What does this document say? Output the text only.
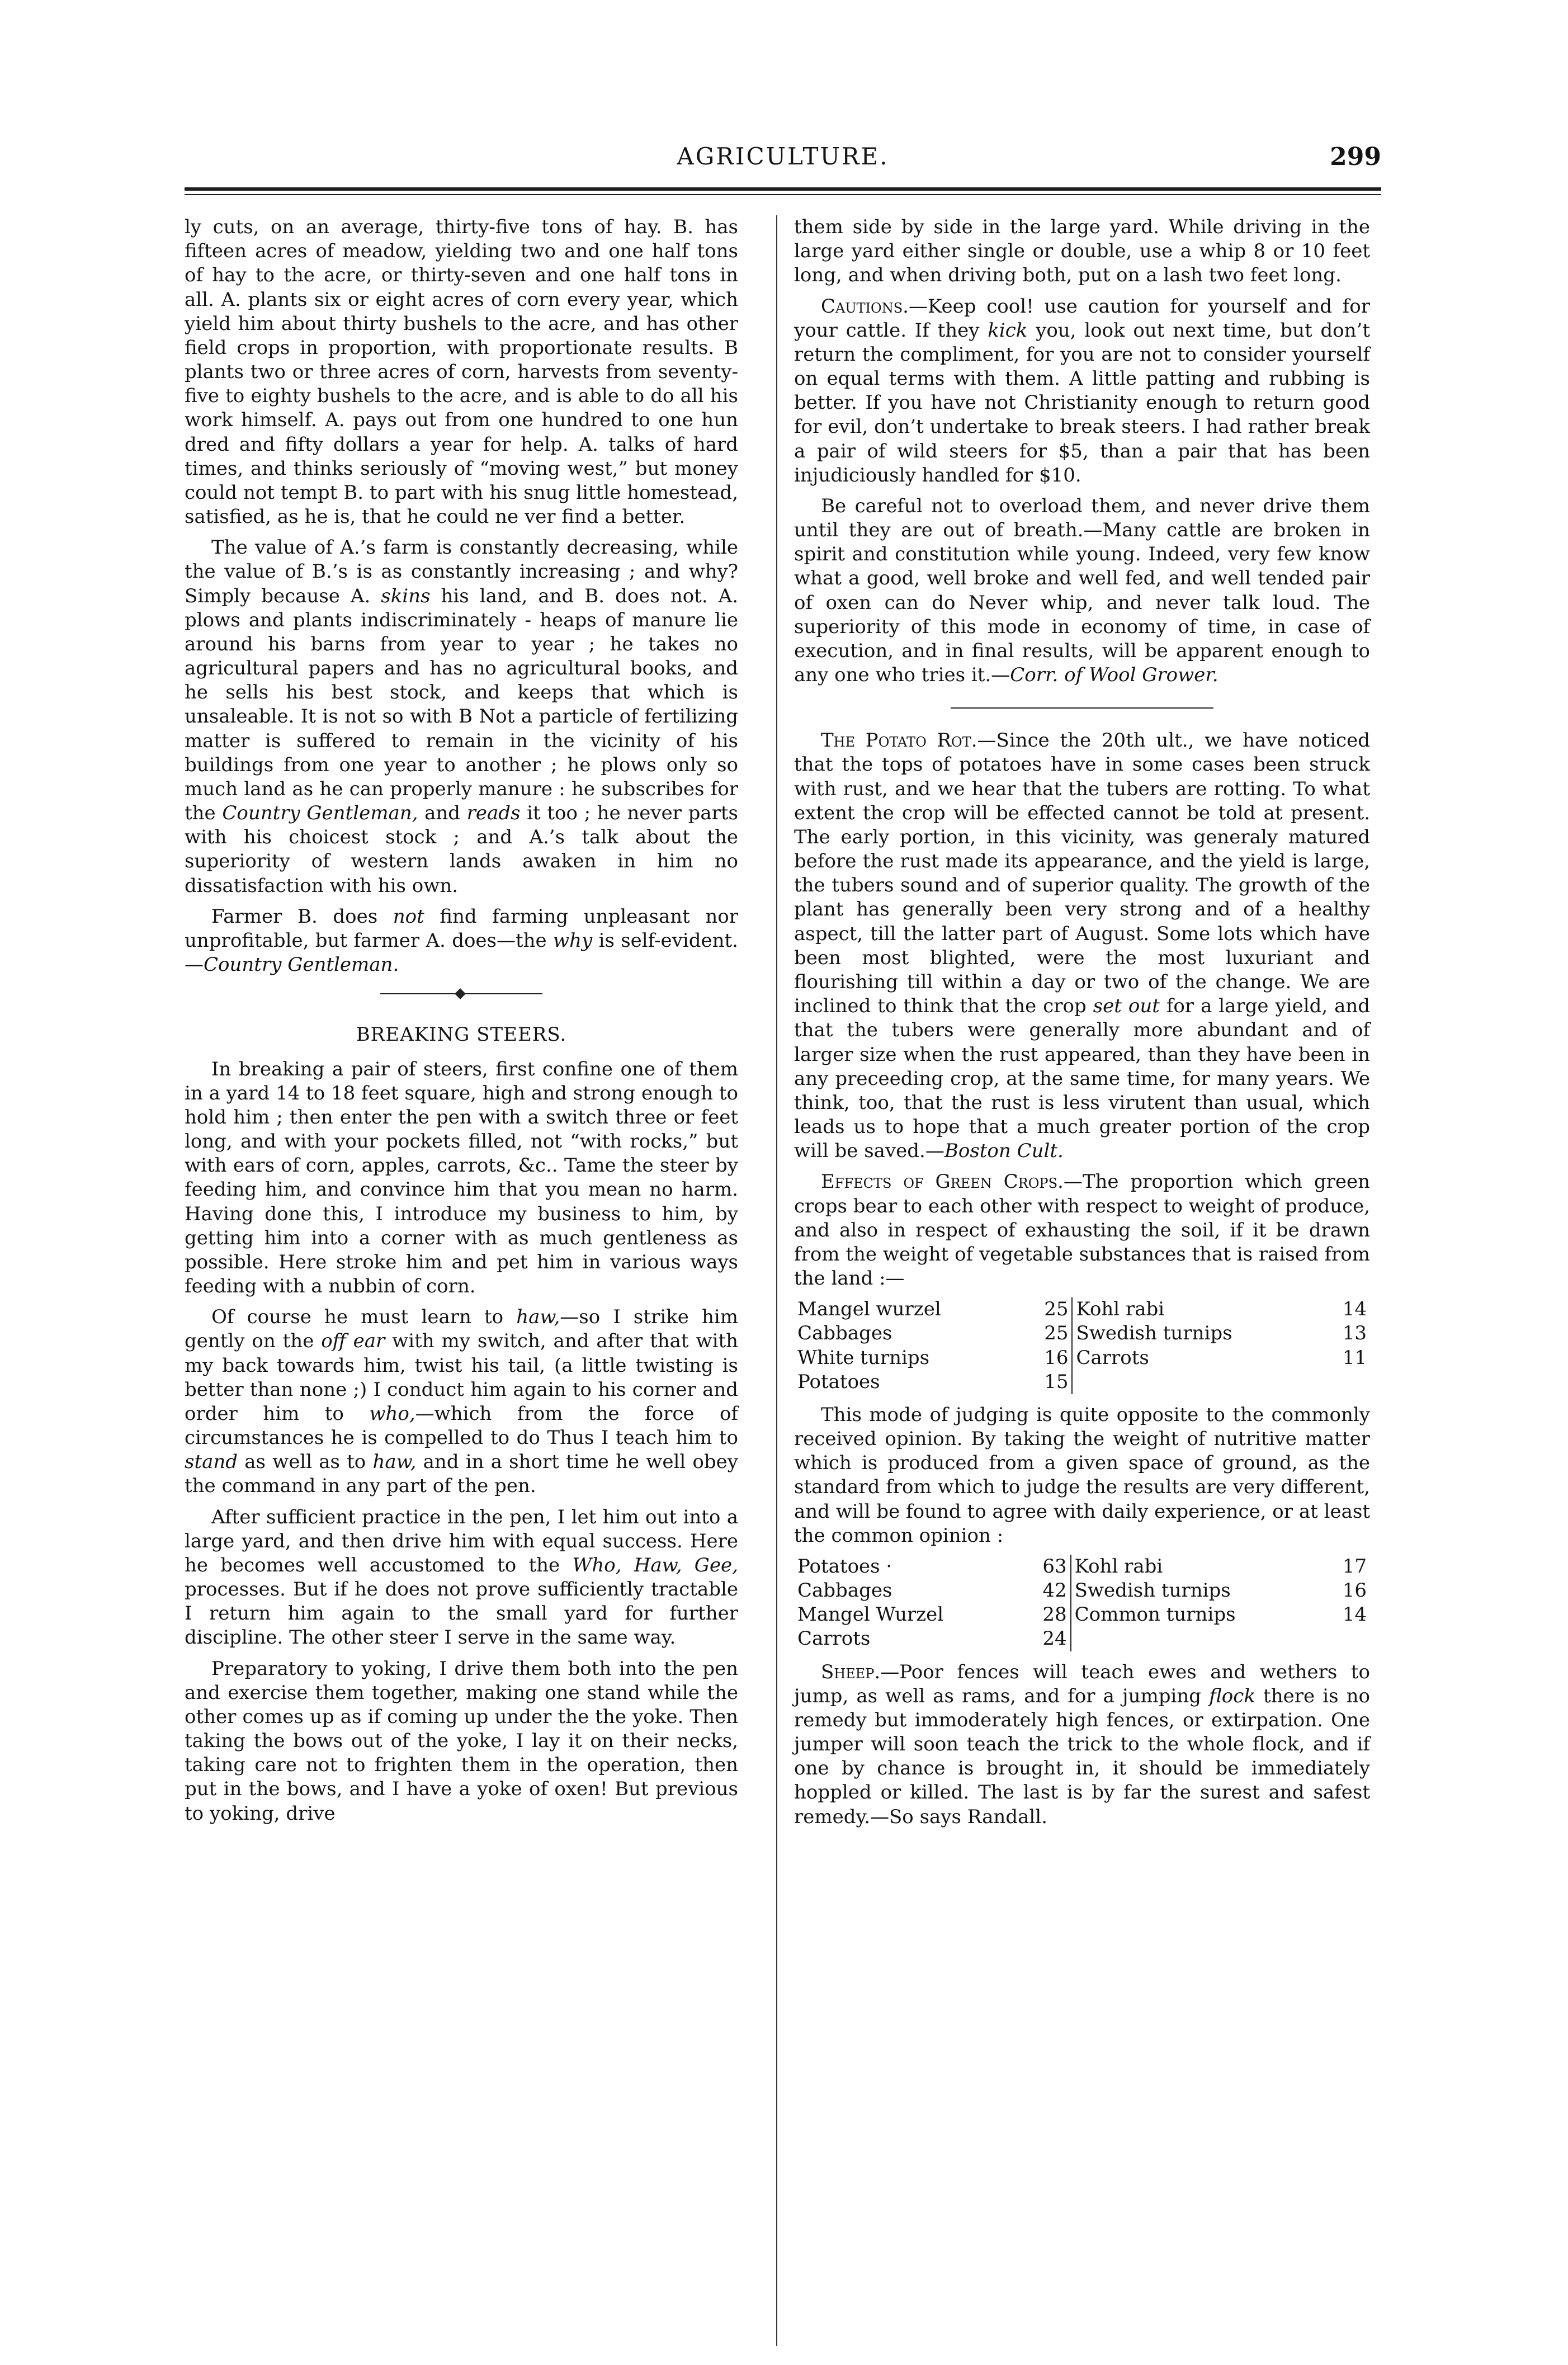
AGRICULTURE.	299

ly cuts, on an average, thirty-five tons of hay. B. has fifteen acres of meadow, yielding two and one half tons of hay to the acre, or thirty-seven and one half tons in all. A. plants six or eight acres of corn every year, which yield him about thirty bushels to the acre, and has other field crops in proportion, with proportionate results. B plants two or three acres of corn, harvests from seventy-five to eighty bushels to the acre, and is able to do all his work himself. A. pays out from one hundred to one hun dred and fifty dollars a year for help. A. talks of hard times, and thinks seriously of “moving west,” but money could not tempt B. to part with his snug little homestead, satisfied, as he is, that he could ne ver find a better.

The value of A.’s farm is constantly decreasing, while the value of B.’s is as constantly increasing ; and why? Simply because A. skins his land, and B. does not. A. plows and plants indiscriminately - heaps of manure lie around his barns from year to year ; he takes no agricultural papers and has no agricultural books, and he sells his best stock, and keeps that which is unsaleable. It is not so with B Not a particle of fertilizing matter is suffered to remain in the vicinity of his buildings from one year to another ; he plows only so much land as he can properly manure : he subscribes for the Country Gentleman, and reads it too ; he never parts with his choicest stock ; and A.’s talk about the superiority of western lands awaken in him no dissatisfaction with his own.

Farmer B. does not find farming unpleasant nor unprofitable, but farmer A. does—the why is self-evident.—Country Gentleman.

BREAKING STEERS.

In breaking a pair of steers, first confine one of them in a yard 14 to 18 feet square, high and strong enough to hold him ; then enter the pen with a switch three or feet long, and with your pockets filled, not “with rocks,” but with ears of corn, apples, carrots, &c.. Tame the steer by feeding him, and convince him that you mean no harm. Having done this, I introduce my business to him, by getting him into a corner with as much gentleness as possible. Here stroke him and pet him in various ways feeding with a nubbin of corn.

Of course he must learn to haw,—so I strike him gently on the off ear with my switch, and after that with my back towards him, twist his tail, (a little twisting is better than none ;) I conduct him again to his corner and order him to who,—which from the force of circumstances he is compelled to do Thus I teach him to stand as well as to haw, and in a short time he well obey the command in any part of the pen.

After sufficient practice in the pen, I let him out into a large yard, and then drive him with equal success. Here he becomes well accustomed to the Who, Haw, Gee, processes. But if he does not prove sufficiently tractable I return him again to the small yard for further discipline. The other steer I serve in the same way.

Preparatory to yoking, I drive them both into the pen and exercise them together, making one stand while the other comes up as if coming up under the the yoke. Then taking the bows out of the yoke, I lay it on their necks, taking care not to frighten them in the operation, then put in the bows, and I have a yoke of oxen! But previous to yoking, drive

them side by side in the large yard. While driving in the large yard either single or double, use a whip 8 or 10 feet long, and when driving both, put on a lash two feet long.

Cautions.—Keep cool! use caution for yourself and for your cattle. If they kick you, look out next time, but don’t return the compliment, for you are not to consider yourself on equal terms with them. A little patting and rubbing is better. If you have not Christianity enough to return good for evil, don’t undertake to break steers. I had rather break a pair of wild steers for $5, than a pair that has been injudiciously handled for $10.

Be careful not to overload them, and never drive them until they are out of breath.—Many cattle are broken in spirit and constitution while young. Indeed, very few know what a good, well broke and well fed, and well tended pair of oxen can do Never whip, and never talk loud. The superiority of this mode in economy of time, in case of execution, and in final results, will be apparent enough to any one who tries it.—Corr. of Wool Grower.

The Potato Rot.—Since the 20th ult., we have noticed that the tops of potatoes have in some cases been struck with rust, and we hear that the tubers are rotting. To what extent the crop will be effected cannot be told at present. The early portion, in this vicinity, was generaly matured before the rust made its appearance, and the yield is large, the tubers sound and of superior quality. The growth of the plant has generally been very strong and of a healthy aspect, till the latter part of August. Some lots which have been most blighted, were the most luxuriant and flourishing till within a day or two of the change. We are inclined to think that the crop set out for a large yield, and that the tubers were generally more abundant and of larger size when the rust appeared, than they have been in any preceeding crop, at the same time, for many years. We think, too, that the rust is less virutent than usual, which leads us to hope that a much greater portion of the crop will be saved.—Boston Cult.

Effects of Green Crops.—The proportion which green crops bear to each other with respect to weight of produce, and also in respect of exhausting the soil, if it be drawn from the weight of vegetable substances that is raised from the land :—

Mangel wurzel	25	Kohl rabi	14
Cabbages	25	Swedish turnips	13
White turnips	16	Carrots	11
Potatoes	15		

This mode of judging is quite opposite to the commonly received opinion. By taking the weight of nutritive matter which is produced from a given space of ground, as the standard from which to judge the results are very different, and will be found to agree with daily experience, or at least the common opinion :

Potatoes ·	63	Kohl rabi	17
Cabbages	42	Swedish turnips	16
Mangel Wurzel	28	Common turnips	14
Carrots	24		

Sheep.—Poor fences will teach ewes and wethers to jump, as well as rams, and for a jumping flock there is no remedy but immoderately high fences, or extirpation. One jumper will soon teach the trick to the whole flock, and if one by chance is brought in, it should be immediately hoppled or killed. The last is by far the surest and safest remedy.—So says Randall.
